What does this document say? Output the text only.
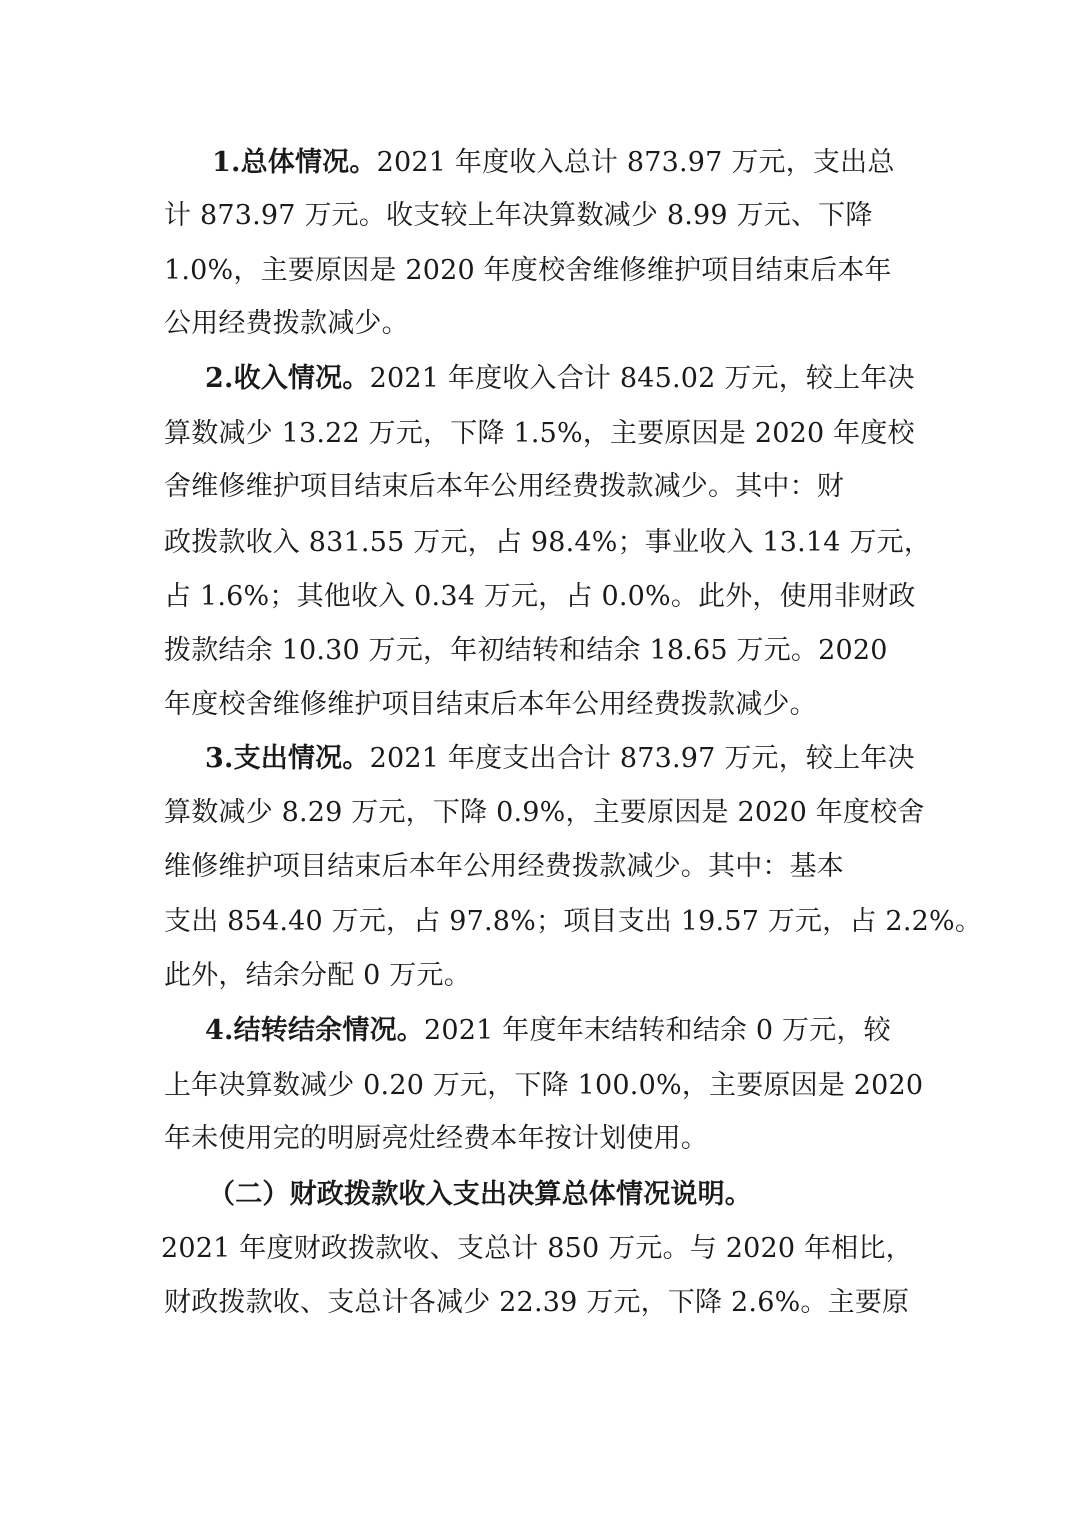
1.总体情况。2021 年度收入总计 873.97 万元，支出总
计 873.97 万元。收支较上年决算数减少 8.99 万元、下降
1.0%，主要原因是 2020 年度校舍维修维护项目结束后本年
公用经费拨款减少。
2.收入情况。2021 年度收入合计 845.02 万元，较上年决
算数减少 13.22 万元，下降 1.5%，主要原因是 2020 年度校
舍维修维护项目结束后本年公用经费拨款减少。其中：财
政拨款收入 831.55 万元，占 98.4%；事业收入 13.14 万元，
占 1.6%；其他收入 0.34 万元，占 0.0%。此外，使用非财政
拨款结余 10.30 万元，年初结转和结余 18.65 万元。2020
年度校舍维修维护项目结束后本年公用经费拨款减少。
3.支出情况。2021 年度支出合计 873.97 万元，较上年决
算数减少 8.29 万元，下降 0.9%，主要原因是 2020 年度校舍
维修维护项目结束后本年公用经费拨款减少。其中：基本
支出 854.40 万元，占 97.8%；项目支出 19.57 万元，占 2.2%。
此外，结余分配 0 万元。
4.结转结余情况。2021 年度年末结转和结余 0 万元，较
上年决算数减少 0.20 万元，下降 100.0%，主要原因是 2020
年未使用完的明厨亮灶经费本年按计划使用。
（二）财政拨款收入支出决算总体情况说明。
2021 年度财政拨款收、支总计 850 万元。与 2020 年相比，
财政拨款收、支总计各减少 22.39 万元，下降 2.6%。主要原
